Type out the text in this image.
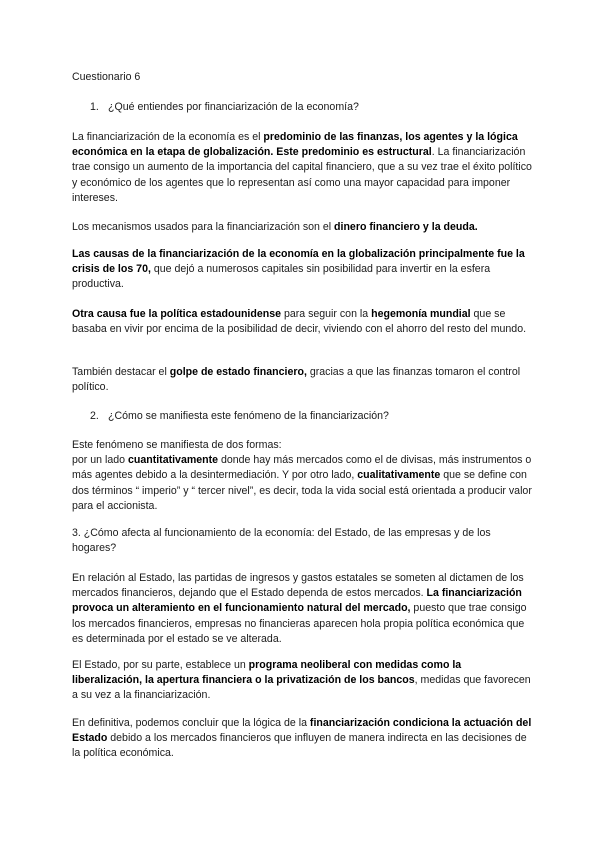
Cuestionario 6

1. ¿Qué entiendes por financiarización de la economía?

La financiarización de la economía es el predominio de las finanzas, los agentes y la lógica económica en la etapa de globalización. Este predominio es estructural. La financiarización trae consigo un aumento de la importancia del capital financiero, que a su vez trae el éxito político y económico de los agentes que lo representan así como una mayor capacidad para imponer intereses.

Los mecanismos usados para la financiarización son el dinero financiero y la deuda.

Las causas de la financiarización de la economía en la globalización principalmente fue la crisis de los 70, que dejó a numerosos capitales sin posibilidad para invertir en la esfera productiva.

Otra causa fue la política estadounidense para seguir con la hegemonía mundial que se basaba en vivir por encima de la posibilidad de decir, viviendo con el ahorro del resto del mundo.

También destacar el golpe de estado financiero, gracias a que las finanzas tomaron el control político.

2. ¿Cómo se manifiesta este fenómeno de la financiarización?

Este fenómeno se manifiesta de dos formas:
por un lado cuantitativamente donde hay más mercados como el de divisas, más instrumentos o más agentes debido a la desintermediación. Y por otro lado, cualitativamente que se define con dos términos “ imperio” y “ tercer nivel”, es decir, toda la vida social está orientada a producir valor para el accionista.

3. ¿Cómo afecta al funcionamiento de la economía: del Estado, de las empresas y de los hogares?

En relación al Estado, las partidas de ingresos y gastos estatales se someten al dictamen de los mercados financieros, dejando que el Estado dependa de estos mercados. La financiarización provoca un alteramiento en el funcionamiento natural del mercado, puesto que trae consigo los mercados financieros, empresas no financieras aparecen hola propia política económica que es determinada por el estado se ve alterada.

El Estado, por su parte, establece un programa neoliberal con medidas como la liberalización, la apertura financiera o la privatización de los bancos, medidas que favorecen a su vez a la financiarización.

En definitiva, podemos concluir que la lógica de la financiarización condiciona la actuación del Estado debido a los mercados financieros que influyen de manera indirecta en las decisiones de la política económica.
